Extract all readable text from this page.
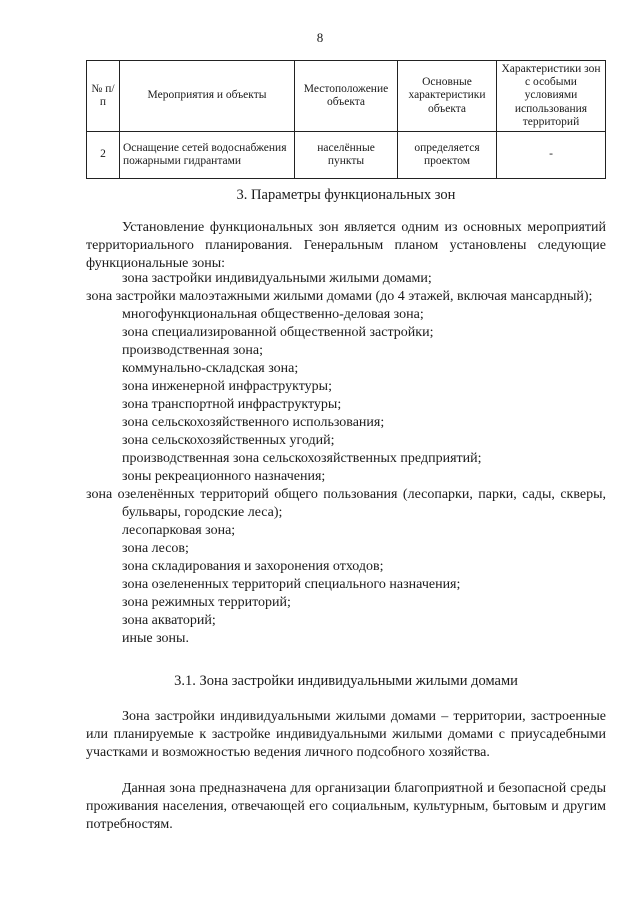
8
№ п/п	Мероприятия и объекты	Местоположение объекта	Основные характеристики объекта	Характеристики зон с особыми условиями использования территорий
2	Оснащение сетей водоснабжения пожарными гидрантами	населённые пункты	определяется проектом	-
3. Параметры функциональных зон

Установление функциональных зон является одним из основных мероприятий территориального планирования. Генеральным планом установлены следующие функциональные зоны:

зона застройки индивидуальными жилыми домами;
зона застройки малоэтажными жилыми домами (до 4 этажей, включая мансардный);
многофункциональная общественно-деловая зона;
зона специализированной общественной застройки;
производственная зона;
коммунально-складская зона;
зона инженерной инфраструктуры;
зона транспортной инфраструктуры;
зона сельскохозяйственного использования;
зона сельскохозяйственных угодий;
производственная зона сельскохозяйственных предприятий;
зоны рекреационного назначения;
зона озеленённых территорий общего пользования (лесопарки, парки, сады, скверы, бульвары, городские леса);
лесопарковая зона;
зона лесов;
зона складирования и захоронения отходов;
зона озелененных территорий специального назначения;
зона режимных территорий;
зона акваторий;
иные зоны.
3.1. Зона застройки индивидуальными жилыми домами

Зона застройки индивидуальными жилыми домами – территории, застроенные или планируемые к застройке индивидуальными жилыми домами с приусадебными участками и возможностью ведения личного подсобного хозяйства.

Данная зона предназначена для организации благоприятной и безопасной среды проживания населения, отвечающей его социальным, культурным, бытовым и другим потребностям.
